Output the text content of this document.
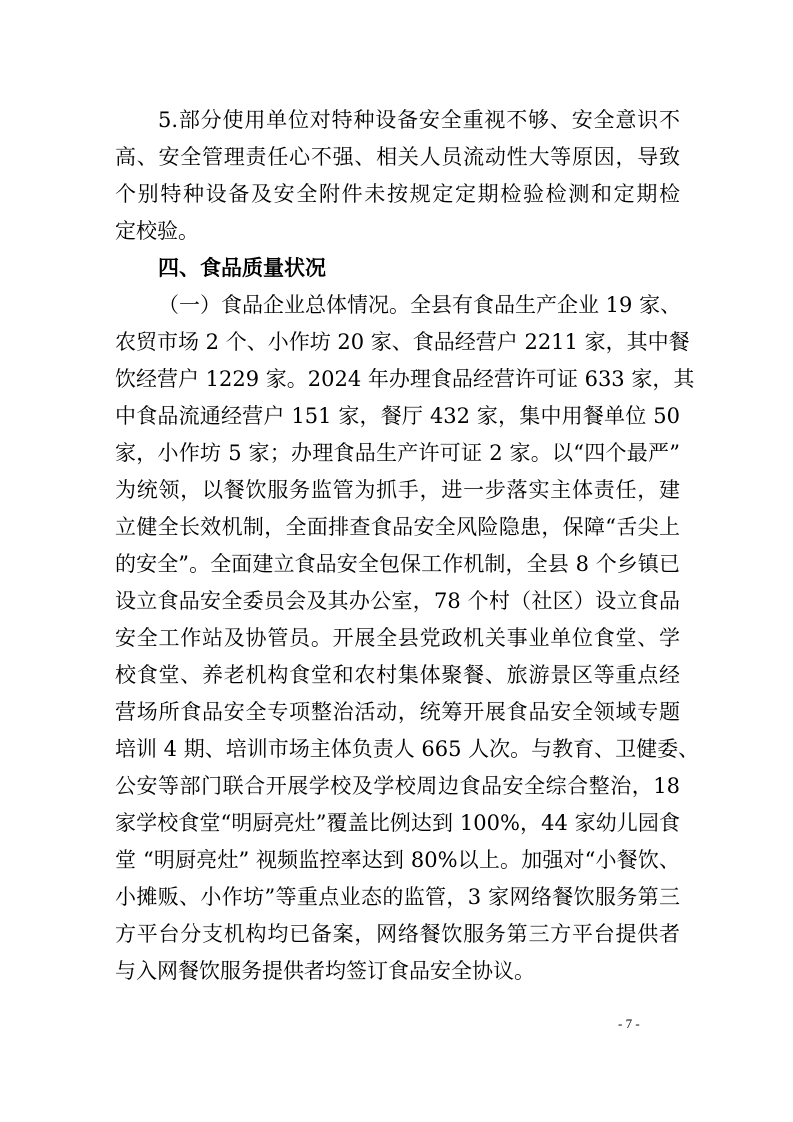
5.部分使用单位对特种设备安全重视不够、安全意识不
高、安全管理责任心不强、相关人员流动性大等原因，导致
个别特种设备及安全附件未按规定定期检验检测和定期检
定校验。
四、食品质量状况
（一）食品企业总体情况。全县有食品生产企业 19 家、
农贸市场 2 个、小作坊 20 家、食品经营户 2211 家，其中餐
饮经营户 1229 家。2024 年办理食品经营许可证 633 家，其
中食品流通经营户 151 家，餐厅 432 家，集中用餐单位 50
家，小作坊 5 家；办理食品生产许可证 2 家。以“四个最严”
为统领，以餐饮服务监管为抓手，进一步落实主体责任，建
立健全长效机制，全面排查食品安全风险隐患，保障“舌尖上
的安全”。全面建立食品安全包保工作机制，全县 8 个乡镇已
设立食品安全委员会及其办公室，78 个村（社区）设立食品
安全工作站及协管员。开展全县党政机关事业单位食堂、学
校食堂、养老机构食堂和农村集体聚餐、旅游景区等重点经
营场所食品安全专项整治活动，统筹开展食品安全领域专题
培训 4 期、培训市场主体负责人 665 人次。与教育、卫健委、
公安等部门联合开展学校及学校周边食品安全综合整治，18
家学校食堂“明厨亮灶”覆盖比例达到 100%，44 家幼儿园食
堂 “明厨亮灶” 视频监控率达到 80%以上。加强对“小餐饮、
小摊贩、小作坊”等重点业态的监管，3 家网络餐饮服务第三
方平台分支机构均已备案，网络餐饮服务第三方平台提供者
与入网餐饮服务提供者均签订食品安全协议。
- 7 -
